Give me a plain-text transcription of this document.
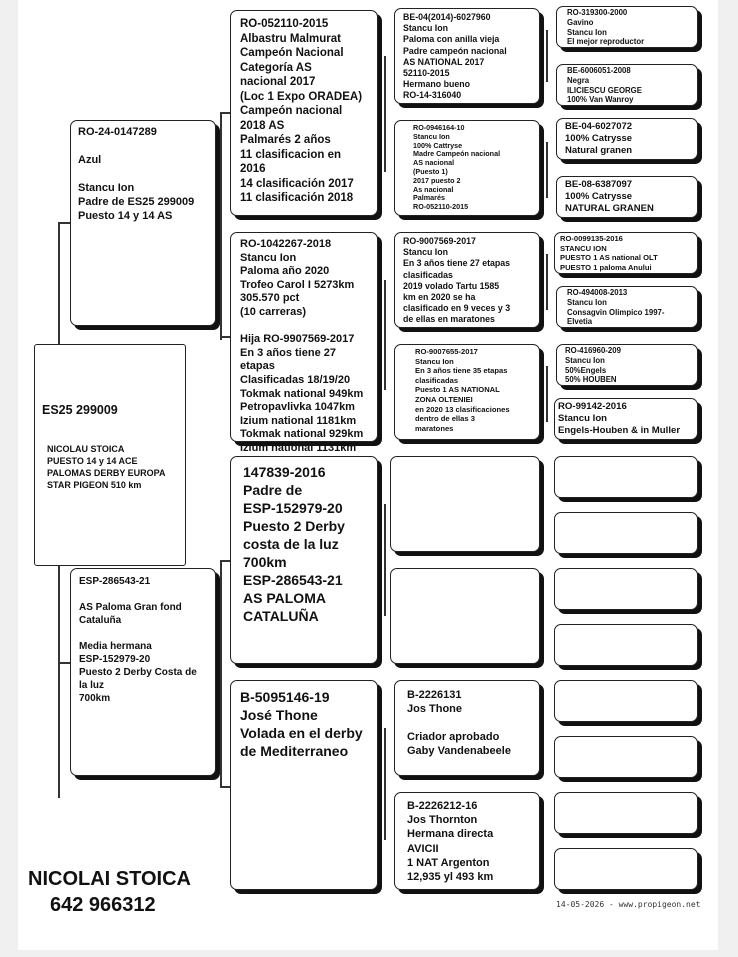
ES25 299009
NICOLAU STOICA
PUESTO 14 y 14 ACE
PALOMAS DERBY EUROPA
STAR PIGEON 510 km
RO-24-0147289

Azul

Stancu Ion
Padre de ES25 299009
Puesto 14 y 14 AS
ESP-286543-21

AS Paloma Gran fond
Cataluña

Media hermana
ESP-152979-20
Puesto 2 Derby Costa de
la luz
700km
RO-052110-2015
Albastru Malmurat
Campeón Nacional
Categoría AS
nacional 2017
(Loc 1 Expo ORADEA)
Campeón nacional
2018 AS
Palmarés 2 años
11 clasificacion en 2016
14 clasificación 2017
11 clasificación 2018
RO-1042267-2018
Stancu Ion
Paloma año 2020
Trofeo Carol I 5273km
305.570 pct
(10 carreras)

Hija RO-9907569-2017
En 3 años tiene 27 etapas
Clasificadas 18/19/20
Tokmak national 949km
Petropavlivka 1047km
Izium national 1181km
Tokmak national 929km
Izium national 1131km
147839-2016
Padre de
ESP-152979-20
Puesto 2 Derby
costa de la luz
700km
ESP-286543-21
AS PALOMA
CATALUÑA
B-5095146-19
José Thone
Volada en el derby
de Mediterraneo
BE-04(2014)-6027960
Stancu Ion
Paloma con anilla vieja
Padre campeón nacional
AS NATIONAL 2017
52110-2015
Hermano bueno
RO-14-316040
RO-0946164-10
Stancu Ion
100% Cattryse
Madre Campeón nacional
AS nacional
(Puesto 1)
2017 puesto 2
As nacional
Palmarés
RO-052110-2015
RO-9007569-2017
Stancu Ion
En 3 años tiene 27 etapas
clasificadas
2019 volado Tartu 1585
km en 2020 se ha
clasificado en 9 veces y 3
de ellas en maratones
RO-9007655-2017
Stancu Ion
En 3 años tiene 35 etapas
clasificadas
Puesto 1 AS NATIONAL
ZONA OLTENIEI
en 2020 13 clasificaciones
dentro de ellas 3
maratones
B-2226131
Jos Thone

Criador aprobado
Gaby Vandenabeele
B-2226212-16
Jos Thornton
Hermana directa
AVICII
1 NAT Argenton
12,935 yl 493 km
RO-319300-2000
Gavino
Stancu Ion
El mejor reproductor
BE-6006051-2008
Negra
ILICIESCU GEORGE
100% Van Wanroy
BE-04-6027072
100% Catrysse
Natural granen
BE-08-6387097
100% Catrysse
NATURAL GRANEN
RO-0099135-2016
STANCU ION
PUESTO 1 AS national OLT
PUESTO 1 paloma Anului
RO-494008-2013
Stancu Ion
Consagvin Olimpico 1997-
Elvetia
RO-416960-209
Stancu Ion
50%Engels
50% HOUBEN
RO-99142-2016
Stancu Ion
Engels-Houben & in Muller
NICOLAI STOICA
642 966312	14-05-2026 - www.propigeon.net
